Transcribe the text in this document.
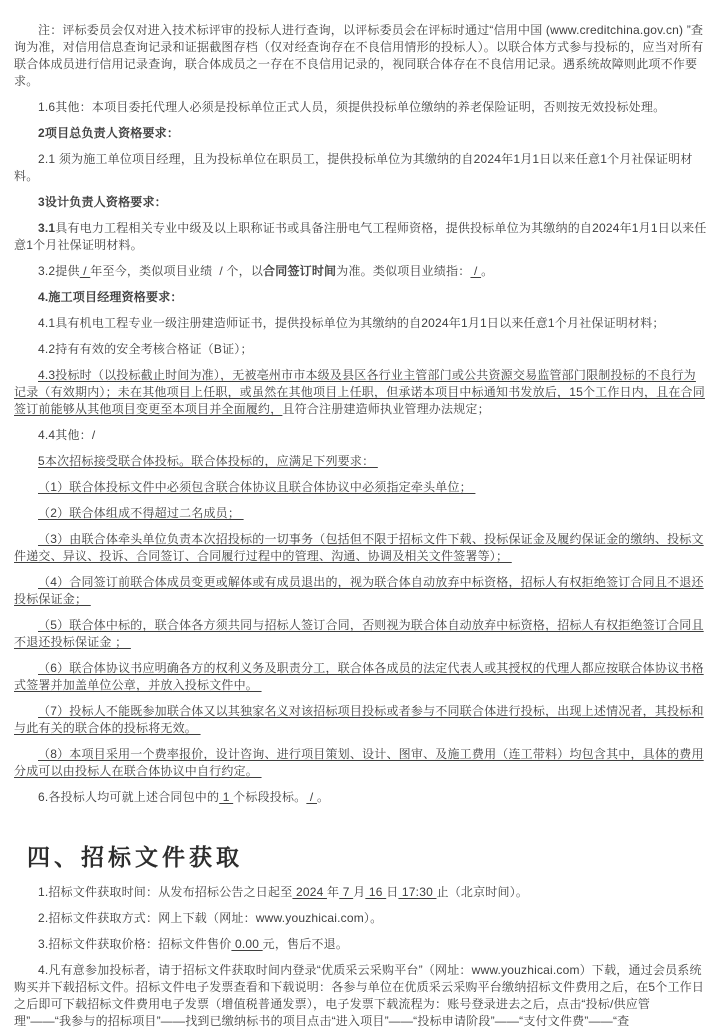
注：评标委员会仅对进入技术标评审的投标人进行查询，以评标委员会在评标时通过“信用中国 (www.creditchina.gov.cn) ”查询为准，对信用信息查询记录和证据截图存档（仅对经查询存在不良信用情形的投标人）。以联合体方式参与投标的，应当对所有联合体成员进行信用记录查询，联合体成员之一存在不良信用记录的，视同联合体存在不良信用记录。遇系统故障则此项不作要求。

1.6其他：本项目委托代理人必须是投标单位正式人员，须提供投标单位缴纳的养老保险证明，否则按无效投标处理。

2项目总负责人资格要求：

2.1 须为施工单位项目经理，且为投标单位在职员工，提供投标单位为其缴纳的自2024年1月1日以来任意1个月社保证明材料。

3设计负责人资格要求：

3.1具有电力工程相关专业中级及以上职称证书或具备注册电气工程师资格，提供投标单位为其缴纳的自2024年1月1日以来任意1个月社保证明材料。

3.2提供 / 年至今，类似项目业绩  / 个，以合同签订时间为准。类似项目业绩指： / 。

4.施工项目经理资格要求：

4.1具有机电工程专业一级注册建造师证书，提供投标单位为其缴纳的自2024年1月1日以来任意1个月社保证明材料；

4.2持有有效的安全考核合格证（B证）；

4.3投标时（以投标截止时间为准），无被亳州市市本级及县区各行业主管部门或公共资源交易监管部门限制投标的不良行为记录（有效期内）；未在其他项目上任职，或虽然在其他项目上任职，但承诺本项目中标通知书发放后，15个工作日内，且在合同签订前能够从其他项目变更至本项目并全面履约，且符合注册建造师执业管理办法规定；

4.4其他：/

5本次招标接受联合体投标。联合体投标的，应满足下列要求：

（1）联合体投标文件中必须包含联合体协议且联合体协议中必须指定牵头单位；

（2）联合体组成不得超过二名成员；

（3）由联合体牵头单位负责本次招投标的一切事务（包括但不限于招标文件下载、投标保证金及履约保证金的缴纳、投标文件递交、异议、投诉、合同签订、合同履行过程中的管理、沟通、协调及相关文件签署等）；

（4）合同签订前联合体成员变更或解体或有成员退出的，视为联合体自动放弃中标资格，招标人有权拒绝签订合同且不退还投标保证金；

（5）联合体中标的，联合体各方须共同与招标人签订合同，否则视为联合体自动放弃中标资格，招标人有权拒绝签订合同且不退还投标保证金 ；

（6）联合体协议书应明确各方的权利义务及职责分工，联合体各成员的法定代表人或其授权的代理人都应按联合体协议书格式签署并加盖单位公章，并放入投标文件中。

（7）投标人不能既参加联合体又以其独家名义对该招标项目投标或者参与不同联合体进行投标，出现上述情况者，其投标和与此有关的联合体的投标将无效。

（8）本项目采用一个费率报价，设计咨询、进行项目策划、设计、图审、及施工费用（连工带料）均包含其中，具体的费用分成可以由投标人在联合体协议中自行约定。

6.各投标人均可就上述合同包中的 1 个标段投标。 / 。

四、招标文件获取

1.招标文件获取时间：从发布招标公告之日起至 2024 年 7 月 16 日 17:30 止（北京时间）。

2.招标文件获取方式：网上下载（网址：www.youzhicai.com）。

3.招标文件获取价格：招标文件售价 0.00 元，售后不退。

4.凡有意参加投标者，请于招标文件获取时间内登录“优质采云采购平台”（网址：www.youzhicai.com）下载，通过会员系统购买并下载招标文件。招标文件电子发票查看和下载说明：各参与单位在优质采云采购平台缴纳招标文件费用之后，在5个工作日之后即可下载招标文件费用电子发票（增值税普通发票），电子发票下载流程为：账号登录进去之后，点击“投标/供应管理”——“我参与的招标项目”——找到已缴纳标书的项目点击“进入项目”——“投标申请阶段”——“支付文件费”——“查
